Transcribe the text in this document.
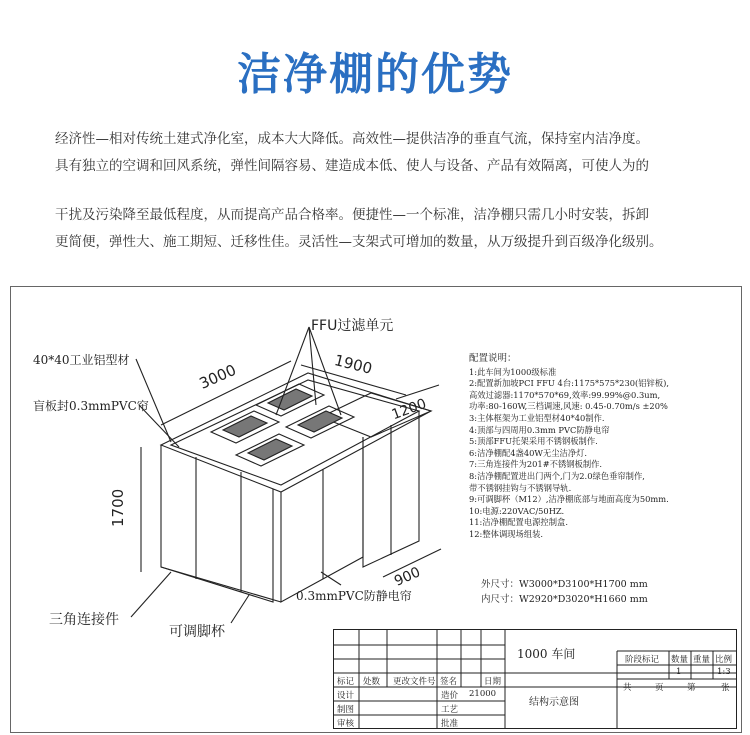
洁净棚的优势
经济性—相对传统土建式净化室，成本大大降低。高效性—提供洁净的垂直气流，保持室内洁净度。
具有独立的空调和回风系统，弹性间隔容易、建造成本低、使人与设备、产品有效隔离，可使人为的
干扰及污染降至最低程度，从而提高产品合格率。便捷性—一个标准，洁净棚只需几小时安装，拆卸
更简便，弹性大、施工期短、迁移性佳。灵活性—支架式可增加的数量，从万级提升到百级净化级别。
3000	1900
1200
1700
900
FFU过滤单元
40*40工业铝型材
盲板封0.3mmPVC帘
三角连接件
可调脚杯
0.3mmPVC防静电帘
配置说明：
1:此车间为1000级标准
2:配置新加坡PCI FFU 4台:1175*575*230(铝锌板),
高效过滤器:1170*570*69,效率:99.99%@0.3um,
功率:80-160W,三档调速,风速: 0.45-0.70m/s ±20%
3:主体框架为工业铝型材40*40制作.
4:顶部与四周用0.3mm PVC防静电帘
5:顶部FFU托架采用不锈钢板制作.
6:洁净棚配4盏40W无尘洁净灯.
7:三角连接件为201#不锈钢板制作.
8:洁净棚配置进出门两个,门为2.0绿色垂帘制作,
带不锈钢挂钩与不锈钢导轨.
9:可调脚杯（M12）,洁净棚底部与地面高度为50mm.
10:电源:220VAC/50HZ.
11:洁净棚配置电源控制盒.
12:整体调现场组装.
外尺寸：W3000*D3100*H1700 mm
内尺寸：W2920*D3020*H1660 mm
1000 车间
结构示意图
标记 处数 更改文件号 签名	日期
设计	造价 21000
制图	工艺
审核	批准
阶段标记 数量 重量 比例
1	1:3
共	页	第	张
